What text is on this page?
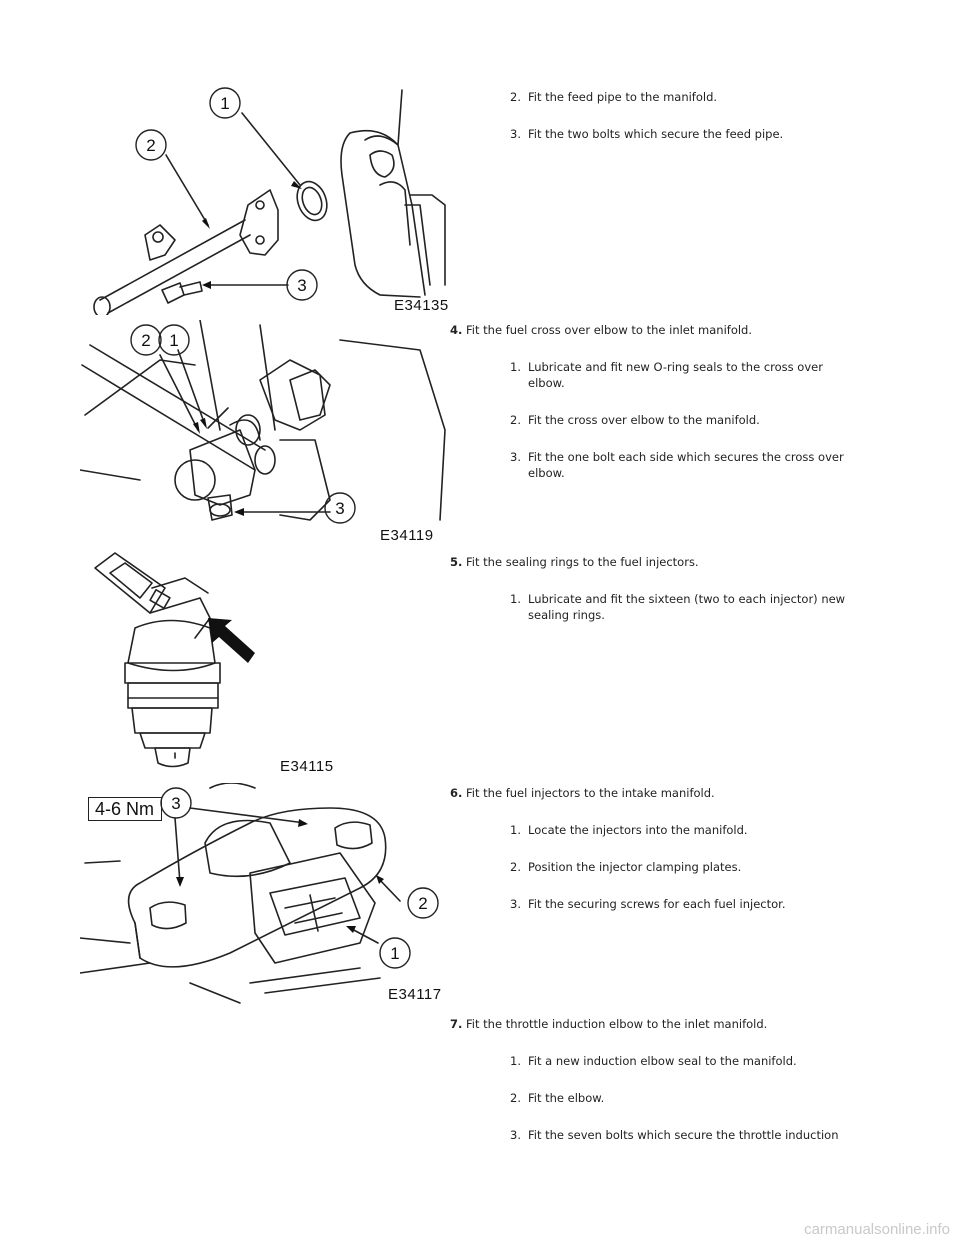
1
2
3
E34135
2 1
3
E34119
E34115
4-6 Nm 3
2
1
E34117
2. Fit the feed pipe to the manifold.
3. Fit the two bolts which secure the feed pipe.

4. Fit the fuel cross over elbow to the inlet manifold.

1. Lubricate and fit new O-ring seals to the cross over elbow.
2. Fit the cross over elbow to the manifold.
3. Fit the one bolt each side which secures the cross over elbow.

5. Fit the sealing rings to the fuel injectors.

1. Lubricate and fit the sixteen (two to each injector) new sealing rings.

6. Fit the fuel injectors to the intake manifold.

1. Locate the injectors into the manifold.
2. Position the injector clamping plates.
3. Fit the securing screws for each fuel injector.

7. Fit the throttle induction elbow to the inlet manifold.

1. Fit a new induction elbow seal to the manifold.
2. Fit the elbow.
3. Fit the seven bolts which secure the throttle induction
carmanualsonline.info
